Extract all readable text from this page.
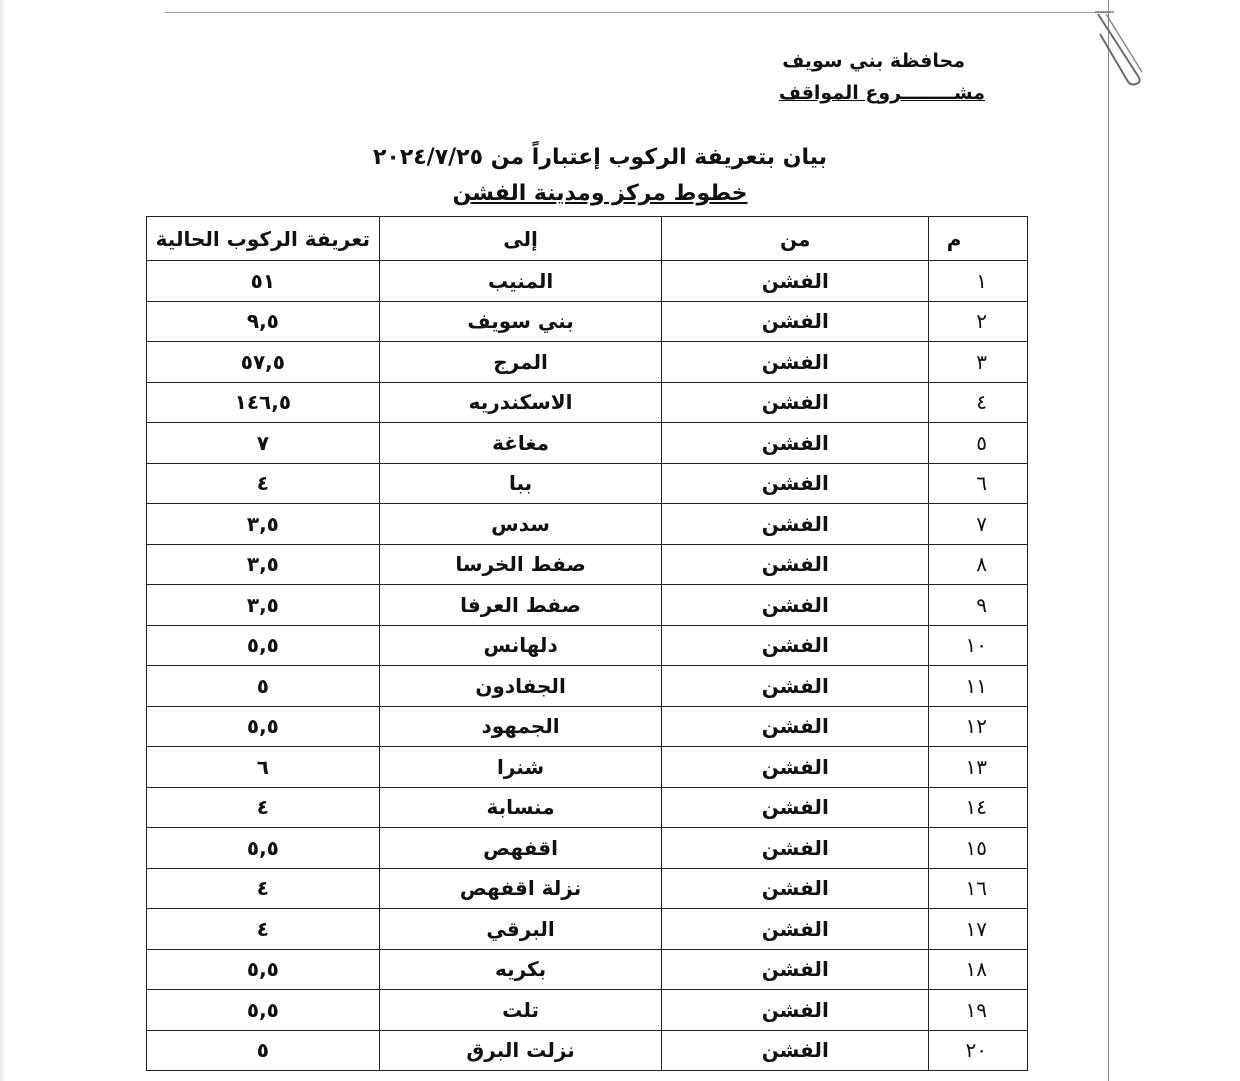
محافظة بني سويف
مشــــــــروع المواقف
بيان بتعريفة الركوب إعتباراً من ٢٠٢٤/٧/٢٥
خطوط مركز ومدينة الفشن
م	من	إلى	تعريفة الركوب الحالية
١	الفشن	المنيب	٥١
٢	الفشن	بني سويف	٩,٥
٣	الفشن	المرج	٥٧,٥
٤	الفشن	الاسكندريه	١٤٦,٥
٥	الفشن	مغاغة	٧
٦	الفشن	ببا	٤
٧	الفشن	سدس	٣,٥
٨	الفشن	صفط الخرسا	٣,٥
٩	الفشن	صفط العرفا	٣,٥
١٠	الفشن	دلهانس	٥,٥
١١	الفشن	الجفادون	٥
١٢	الفشن	الجمهود	٥,٥
١٣	الفشن	شنرا	٦
١٤	الفشن	منسابة	٤
١٥	الفشن	اقفهص	٥,٥
١٦	الفشن	نزلة اقفهص	٤
١٧	الفشن	البرقي	٤
١٨	الفشن	بكريه	٥,٥
١٩	الفشن	تلت	٥,٥
٢٠	الفشن	نزلت البرق	٥
